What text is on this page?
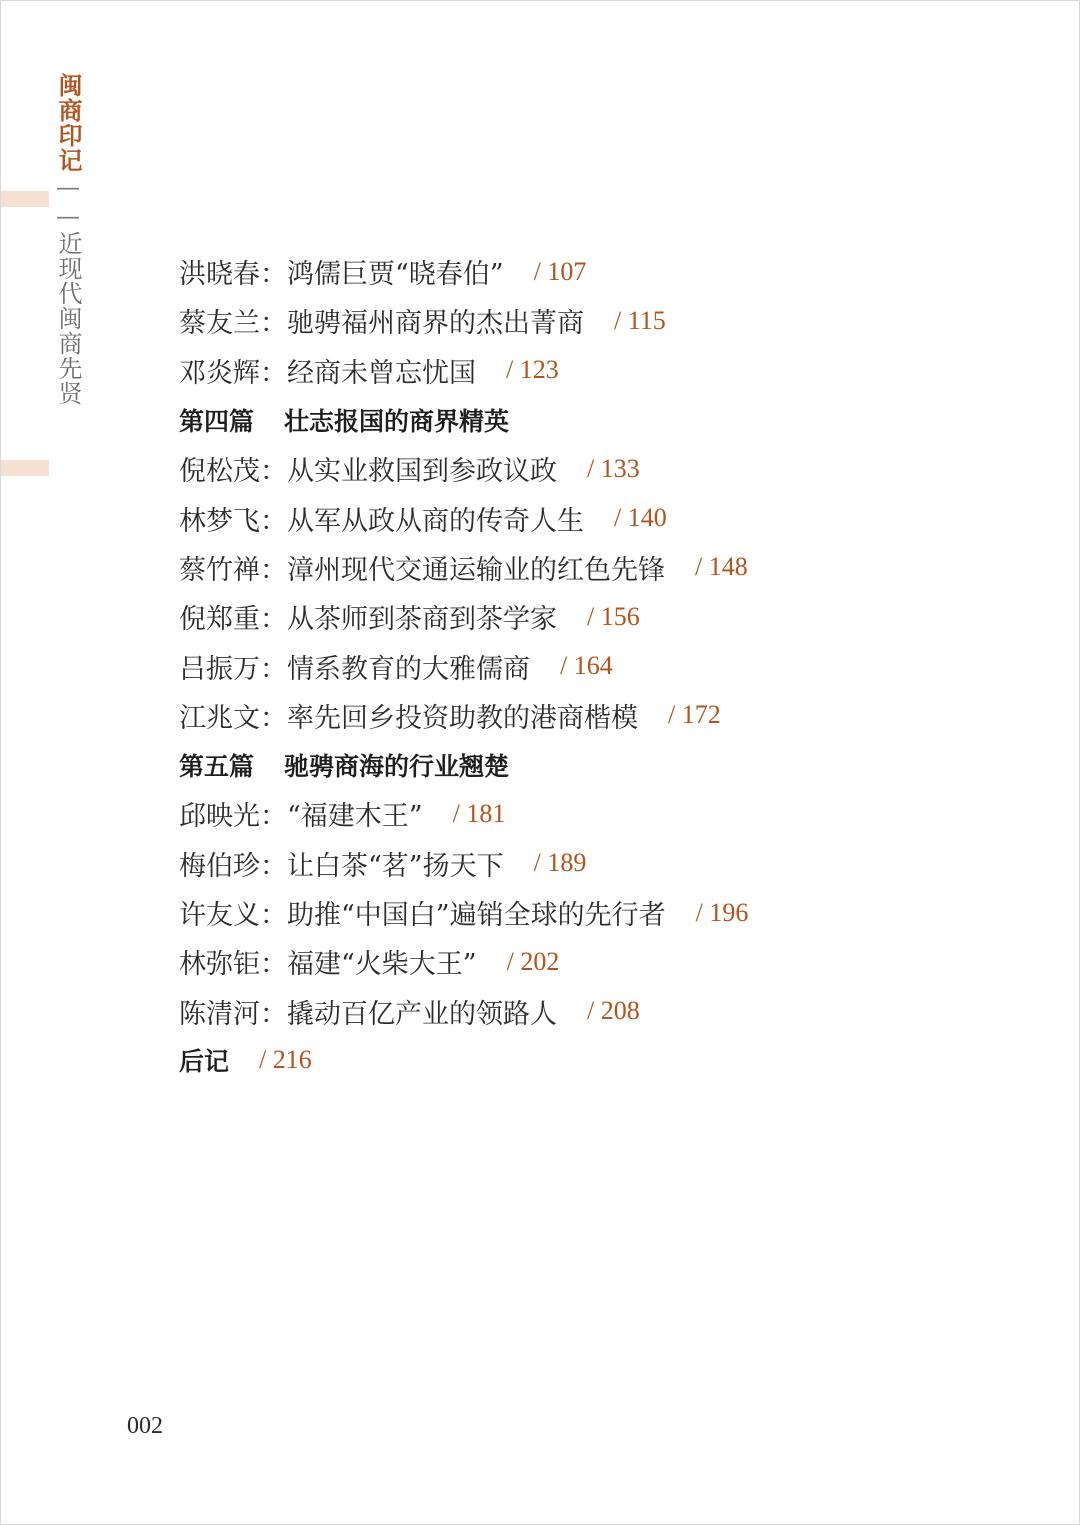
闽商印记——近现代闽商先贤	洪晓春 ： 鸿儒巨贾“晓春伯” / 107
蔡友兰 ： 驰骋福州商界的杰出菁商 / 115
邓炎辉 ： 经商未曾忘忧国 / 123
第四篇 壮志报国的商界精英
倪松茂 ： 从实业救国到参政议政 / 133
林梦飞 ： 从军从政从商的传奇人生 / 140
蔡竹禅 ： 漳州现代交通运输业的红色先锋 / 148
倪郑重 ： 从茶师到茶商到茶学家 / 156
吕振万 ： 情系教育的大雅儒商 / 164
江兆文 ： 率先回乡投资助教的港商楷模 / 172
第五篇 驰骋商海的行业翘楚
邱映光 ： “福建木王” / 181
梅伯珍 ： 让白茶“茗”扬天下 / 189
许友义 ： 助推“中国白”遍销全球的先行者 / 196
林弥钜 ： 福建“火柴大王” / 202
陈清河 ： 撬动百亿产业的领路人 / 208
后记 / 216
002
